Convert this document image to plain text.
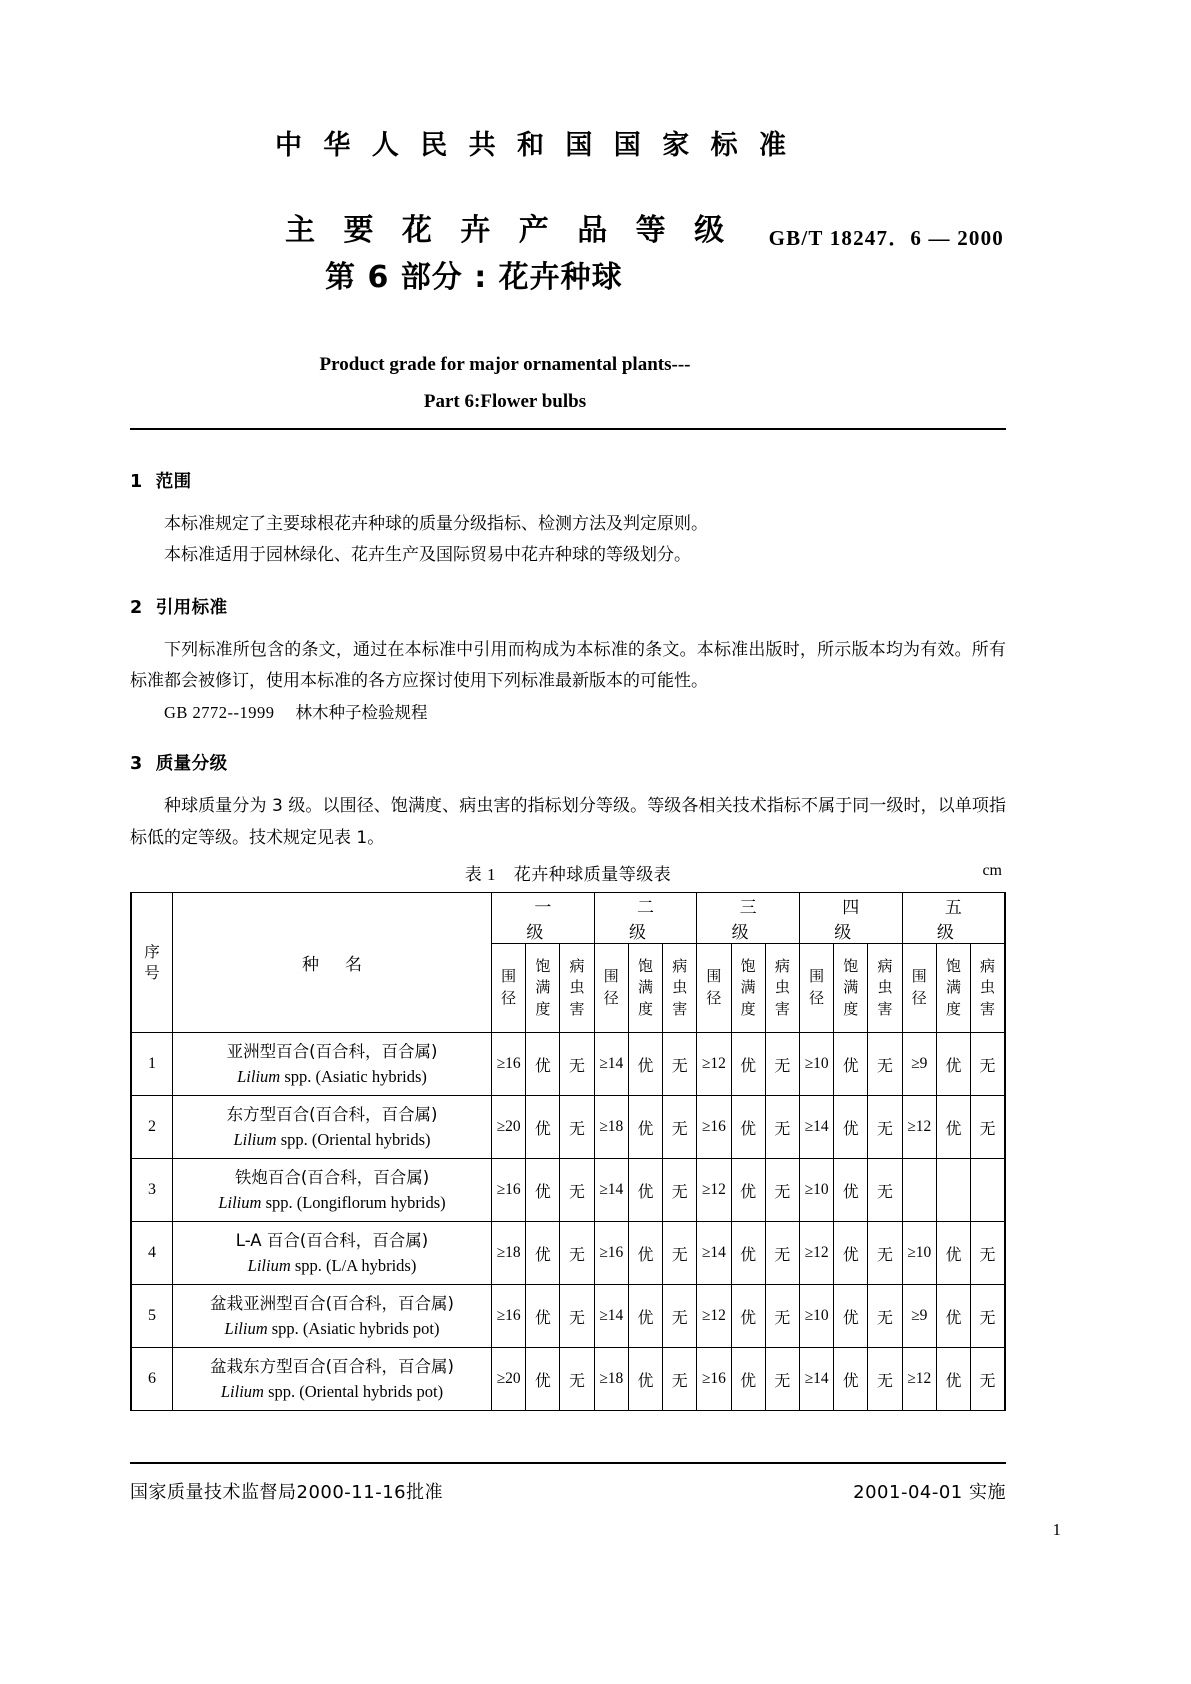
中 华 人 民 共 和 国 国 家 标 准
主 要 花 卉 产 品 等 级
第 6 部分 : 花卉种球
GB/T 18247．6 — 2000
Product grade for major ornamental plants---
Part 6:Flower bulbs
1 范围
本标准规定了主要球根花卉种球的质量分级指标、检测方法及判定原则。
本标准适用于园林绿化、花卉生产及国际贸易中花卉种球的等级划分。
2 引用标准
下列标准所包含的条文，通过在本标准中引用而构成为本标准的条文。本标准出版时，所示版本均为有效。所有标准都会被修订，使用本标准的各方应探讨使用下列标准最新版本的可能性。
GB 2772--1999 林木种子检验规程
3 质量分级
种球质量分为 3 级。以围径、饱满度、病虫害的指标划分等级。等级各相关技术指标不属于同一级时，以单项指标低的定等级。技术规定见表 1。
表 1 花卉种球质量等级表	cm
序
号	种名	一 级			二 级			三 级			四 级			五 级		

		围
径	饱
满
度	病
虫
害	围
径	饱
满
度	病
虫
害	围
径	饱
满
度	病
虫
害	围
径	饱
满
度	病
虫
害	围
径	饱
满
度	病
虫
害

1	亚洲型百合(百合科，百合属)
Lilium spp. (Asiatic hybrids)	≥16	优	无	≥14	优	无	≥12	优	无	≥10	优	无	≥9	优	无
2	东方型百合(百合科，百合属)
Lilium spp. (Oriental hybrids)	≥20	优	无	≥18	优	无	≥16	优	无	≥14	优	无	≥12	优	无
3	铁炮百合(百合科，百合属)
Lilium spp. (Longiflorum hybrids)	≥16	优	无	≥14	优	无	≥12	优	无	≥10	优	无			
4	L-A 百合(百合科，百合属)
Lilium spp. (L/A hybrids)	≥18	优	无	≥16	优	无	≥14	优	无	≥12	优	无	≥10	优	无
5	盆栽亚洲型百合(百合科，百合属)
Lilium spp. (Asiatic hybrids pot)	≥16	优	无	≥14	优	无	≥12	优	无	≥10	优	无	≥9	优	无
6	盆栽东方型百合(百合科，百合属)
Lilium spp. (Oriental hybrids pot)	≥20	优	无	≥18	优	无	≥16	优	无	≥14	优	无	≥12	优	无
国家质量技术监督局2000-11-16批准	2001-04-01 实施
1
